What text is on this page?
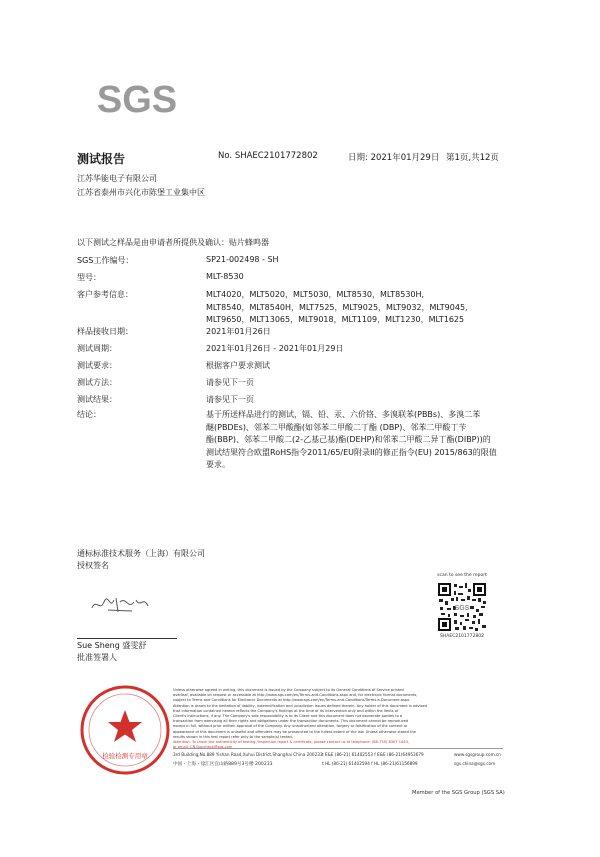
SGS
测试报告	No. SHAEC2101772802	日期: 2021年01月29日 第1页,共12页
江苏华能电子有限公司
江苏省泰州市兴化市陈堡工业集中区
以下测试之样品是由申请者所提供及确认：贴片蜂鸣器
SGS工作编号：	SP21-002498 - SH
型号：	MLT-8530
客户参考信息：	MLT4020，MLT5020，MLT5030，MLT8530，MLT8530H,
MLT8540，MLT8540H，MLT7525，MLT9025，MLT9032，MLT9045,
MLT9650，MLT13065，MLT9018，MLT1109，MLT1230，MLT1625
样品接收日期：	2021年01月26日
测试周期：	2021年01月26日 - 2021年01月29日
测试要求：	根据客户要求测试
测试方法：	请参见下一页
测试结果：	请参见下一页
结论：	基于所送样品进行的测试，镉、铅、汞、六价铬、多溴联苯(PBBs)、多溴二苯
醚(PBDEs)、邻苯二甲酸酯(如邻苯二甲酸二丁酯 (DBP)、邻苯二甲酸丁苄
酯(BBP)、邻苯二甲酸二(2-乙基己基)酯(DEHP)和邻苯二甲酸二异丁酯(DIBP))的
测试结果符合欧盟RoHS指令2011/65/EU附录II的修正指令(EU) 2015/863的限值
要求。
通标标准技术服务（上海）有限公司
授权签名
Sue Sheng 盛雯舒
批准签署人
scan to see the report
SGS
SHAEC2101772802
检验检测专用章
Unless otherwise agreed in writing, this document is issued by the Company subject to its General Conditions of Service printed
overleaf, available on request or accessible at http://www.sgs.com/en/Terms-and-Conditions.aspx and, for electronic format documents,
subject to Terms and Conditions for Electronic Documents at http://www.sgs.com/en/Terms-and-Conditions/Terms-e-Document.aspx.
Attention is drawn to the limitation of liability, indemnification and jurisdiction issues defined therein. Any holder of this document is advised
that information contained hereon reflects the Company's findings at the time of its intervention only and within the limits of
Client's instructions, if any. The Company's sole responsibility is to its Client and this document does not exonerate parties to a
transaction from exercising all their rights and obligations under the transaction documents. This document cannot be reproduced
except in full, without prior written approval of the Company. Any unauthorized alteration, forgery or falsification of the content or
appearance of this document is unlawful and offenders may be prosecuted to the fullest extent of the law. Unless otherwise stated the
results shown in this test report refer only to the sample(s) tested.
Attention: To check the authenticity of testing /inspection report & certificate, please contact us at telephone: (86-755) 8307 1443,
or email: CN.Doccheck@sgs.com
3rd Building,No.889 Yishan Road,Xuhui District,Shanghai China 200233
中国・上海・徐汇区宜山路889号3号楼 200233
t E&E (86-21) 61402553 f E&E (86-21)64953679
t HL (86-21) 61402594 f HL (86-21)61156899
www.sgsgroup.com.cn
sgs.china@sgs.com
Member of the SGS Group (SGS SA)
